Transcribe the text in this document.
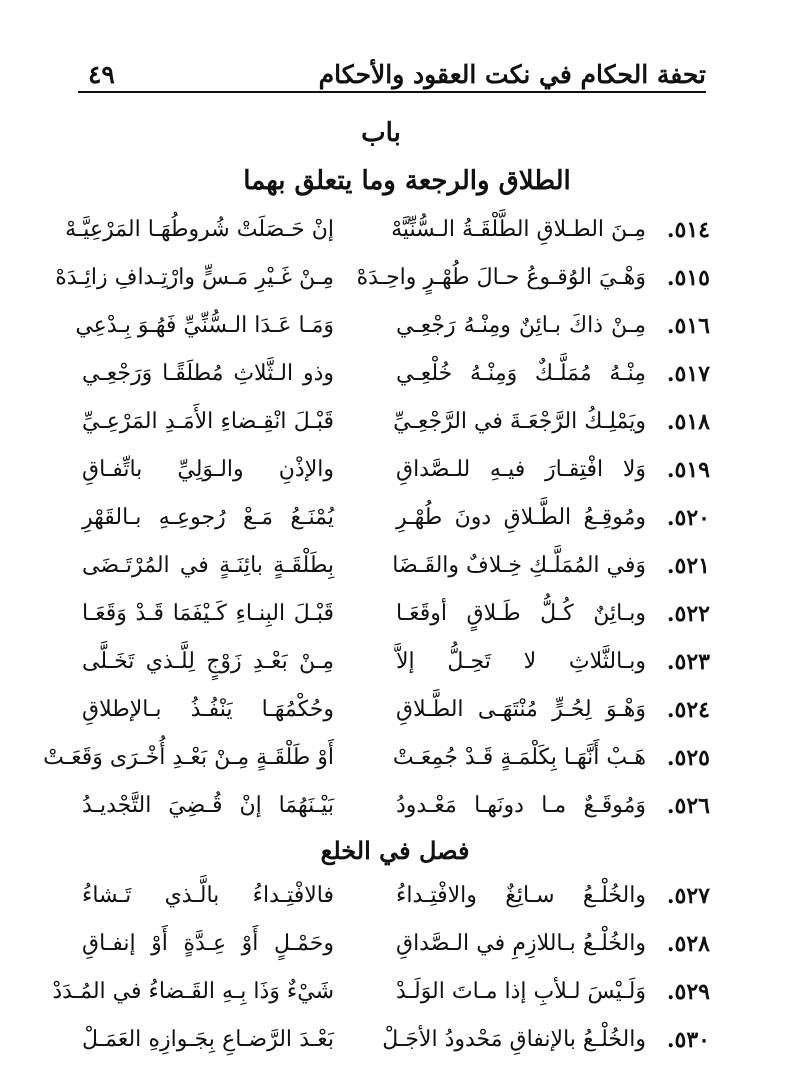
تحفة الحكام في نكت العقود والأحكام
٤٩
باب
الطلاق والرجعة وما يتعلق بهما
٥١٤.
مِـنَ الطـلاقِ الطَّلْقَـةُ الـسُّنِّيَّهْ
إنْ حَـصَلَتْ شُروطُهَـا المَرْعِيَّـهْ
٥١٥.
وَهْـيَ الوُقـوعُ حـالَ طُهْـرٍ واحِـدَهْ
مِـنْ غَـيْرِ مَـسٍّ وارْتِـدافِ زائِـدَهْ
٥١٦.
مِـنْ ذاكَ بـائِنٌ ومِنْـهُ رَجْعِـي
وَمَـا عَـدَا الـسُّنِّيِّ فَهُـوَ بِـدْعِي
٥١٧.
مِنْـهُ مُمَلَّـكٌ وَمِنْـهُ خُلْعِـي
وذو الـثَّلاثِ مُطلَقًـا وَرَجْعِـي
٥١٨.
ويَمْلِـكُ الرَّجْعَـةَ في الرَّجْعِـيِّ
قَبْـلَ انْقِـضاءِ الأَمَـدِ المَرْعِـيِّ
٥١٩.
وَلا افْتِقـارَ فيـهِ للـصَّداقِ
والإذْنِ والـوَلِيِّ باتِّفـاقِ
٥٢٠.
ومُوقِـعُ الطَّـلاقِ دونَ طُهْـرِ
يُمْنَـعُ مَـعْ رُجوعِـهِ بـالقَهْرِ
٥٢١.
وَفي المُمَلَّـكِ خِـلافٌ والقَـضَا
بِطَلْقَـةٍ بائِنَـةٍ في المُرْتَـضَى
٥٢٢.
وبـائِنٌ كُـلُّ طَـلاقٍ أوقَعَـا
قَبْـلَ البِنـاءِ كَـيْفَمَا قَـدْ وَقَعَـا
٥٢٣.
وبـالثَّلاثِ لا تَحِـلُّ إلاَّ
مِـنْ بَعْـدِ زَوْجٍ لِلَّـذي تَخَـلَّى
٥٢٤.
وَهْـوَ لِحُـرٍّ مُنْتَهَـى الطَّـلاقِ
وحُكْمُهَـا يَنْفُـذُ بـالإطلاقِ
٥٢٥.
هَـبْ أَنَّهَـا بِكَلْمَـةٍ قَـدْ جُمِعَـتْ
أَوْ طَلْقَـةٍ مِـنْ بَعْـدِ أُخْـرَى وَقَعَـتْ
٥٢٦.
وَمُوقَـعٌ مـا دونَهـا مَعْـدودُ
بَيْـنَهُمَا إنْ قُـضِيَ التَّجْديـدُ
فصل في الخلع
٥٢٧.
والخُلْـعُ سـائِغٌ والافْتِـداءُ
فالافْتِـداءُ بالَّـذي تَـشاءُ
٥٢٨.
والخُلْـعُ بـاللازِمِ في الـصَّداقِ
وحَمْـلٍ أَوْ عِـدَّةٍ أَوْ إنفـاقِ
٥٢٩.
وَلَـيْسَ لـلأبِ إذا مـاتَ الوَلَـدْ
شَيْءٌ وَذَا بِـهِ القَـضاءُ في المُـدَدْ
٥٣٠.
والخُلْـعُ بالإنفاقِ مَحْدودُ الأجَـلْ
بَعْـدَ الرَّضـاعِ بِجَـوازِهِ العَمَـلْ
